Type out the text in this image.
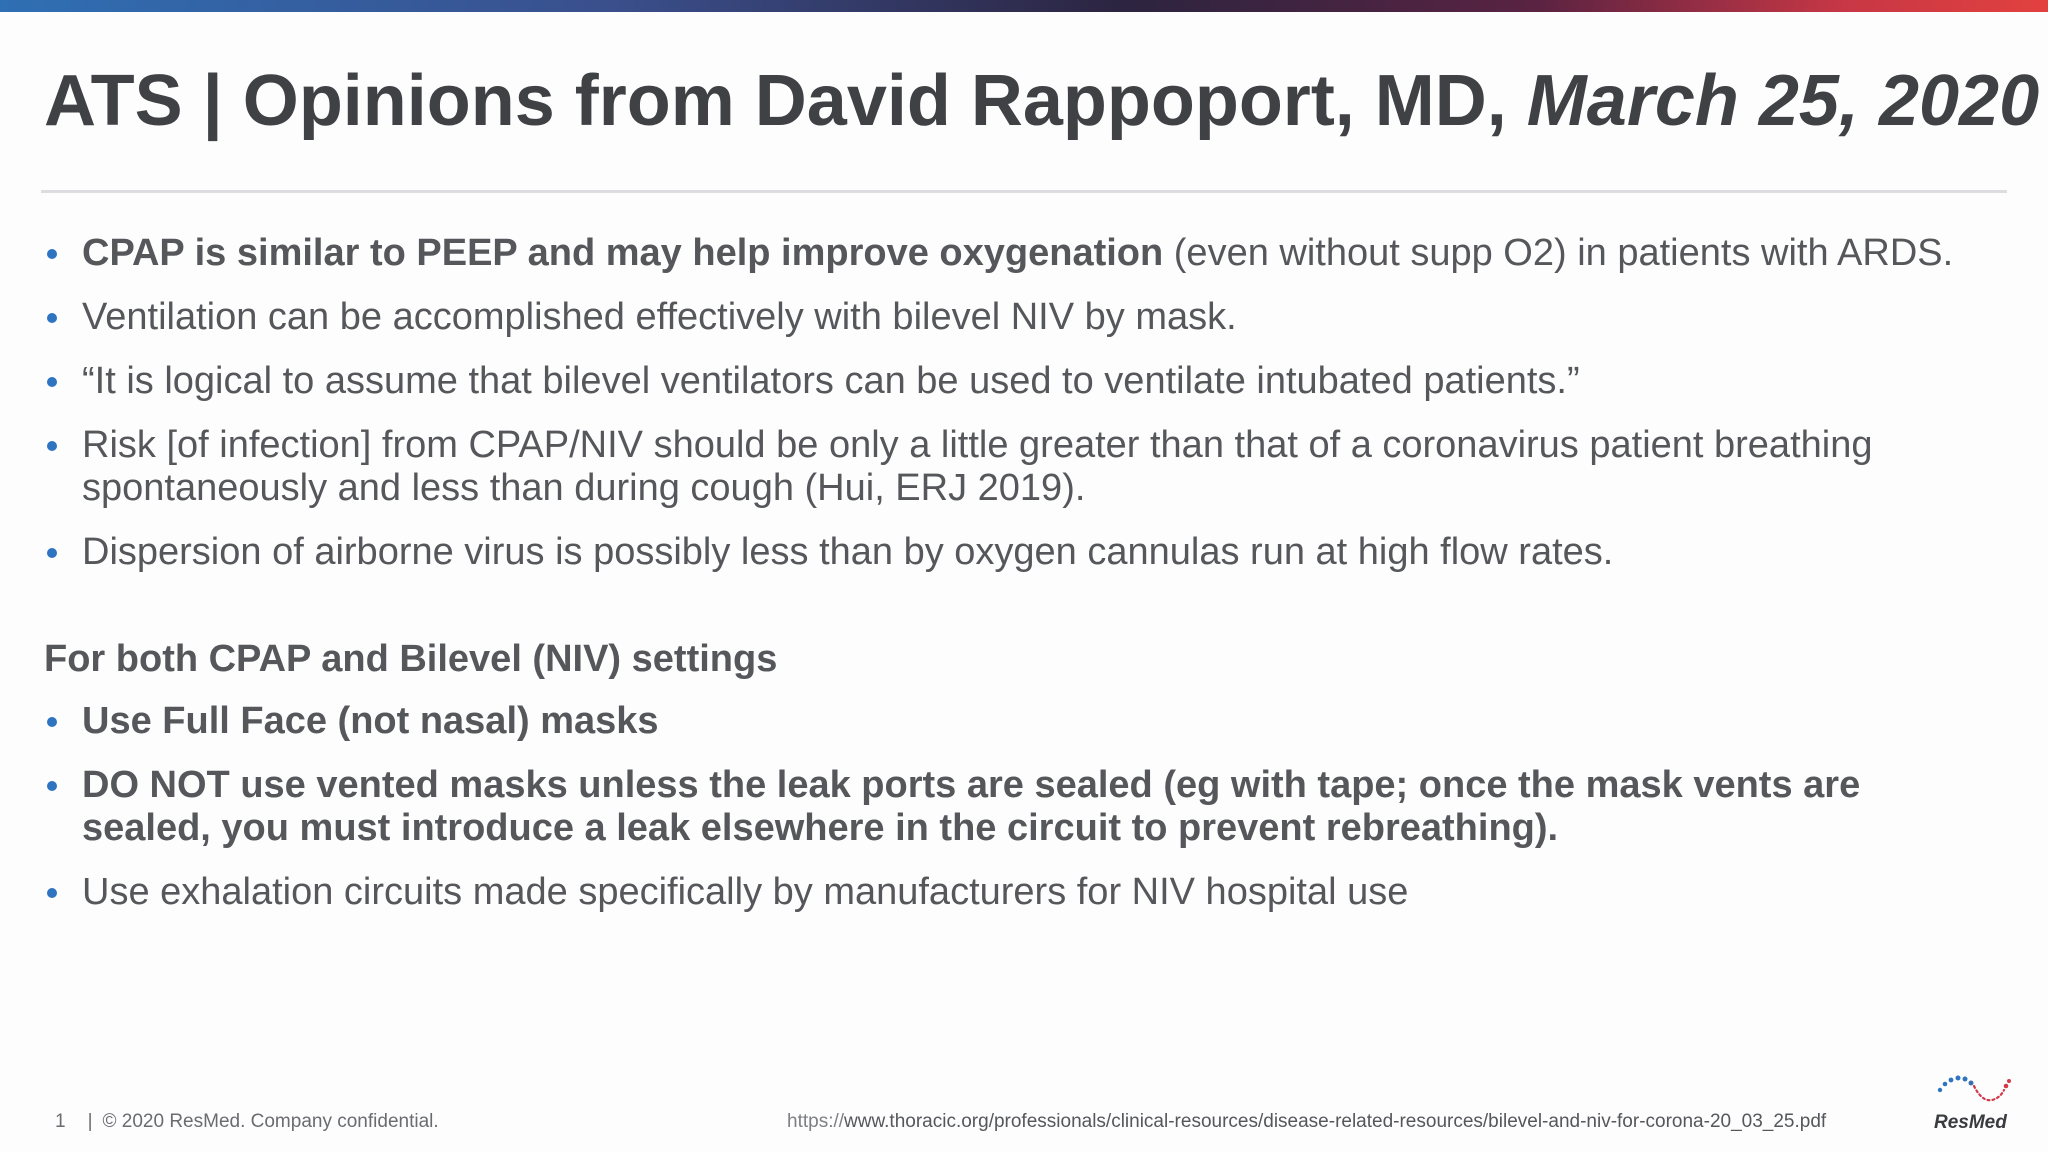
ATS | Opinions from David Rappoport, MD, March 25, 2020
CPAP is similar to PEEP and may help improve oxygenation (even without supp O2) in patients with ARDS.
Ventilation can be accomplished effectively with bilevel NIV by mask.
“It is logical to assume that bilevel ventilators can be used to ventilate intubated patients.”
Risk [of infection] from CPAP/NIV should be only a little greater than that of a coronavirus patient breathing spontaneously and less than during cough (Hui, ERJ 2019).
Dispersion of airborne virus is possibly less than by oxygen cannulas run at high flow rates.
For both CPAP and Bilevel (NIV) settings
Use Full Face (not nasal) masks
DO NOT use vented masks unless the leak ports are sealed (eg with tape; once the mask vents are sealed, you must introduce a leak elsewhere in the circuit to prevent rebreathing).
Use exhalation circuits made specifically by manufacturers for NIV hospital use
1 | © 2020 ResMed. Company confidential.	https://www.thoracic.org/professionals/clinical-resources/disease-related-resources/bilevel-and-niv-for-corona-20_03_25.pdf	ResMed
